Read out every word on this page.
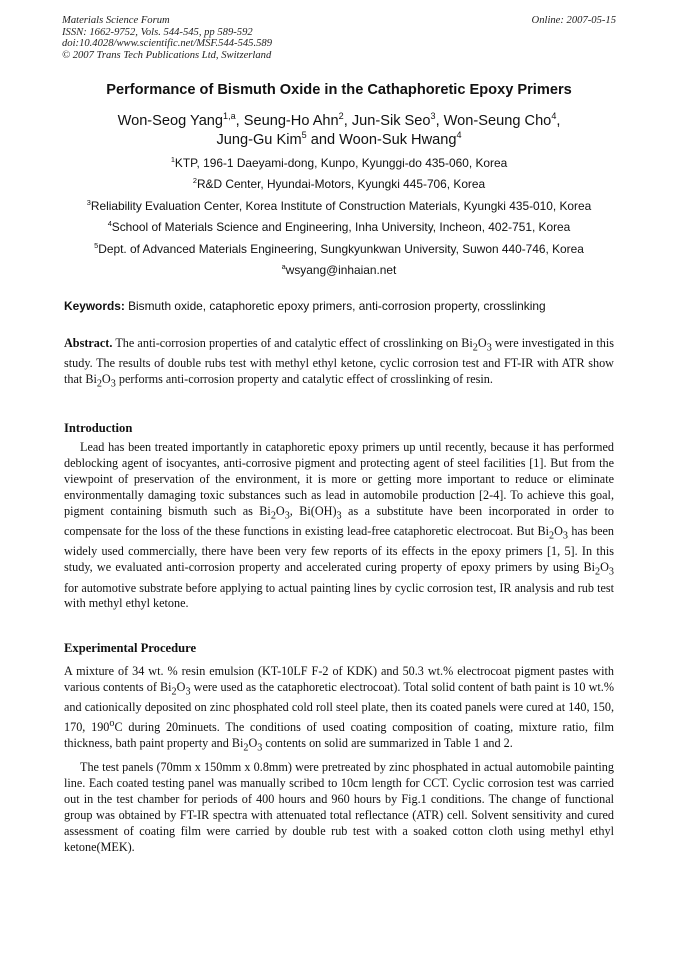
Materials Science Forum
ISSN: 1662-9752, Vols. 544-545, pp 589-592
doi:10.4028/www.scientific.net/MSF.544-545.589
© 2007 Trans Tech Publications Ltd, Switzerland
Online: 2007-05-15
Performance of Bismuth Oxide in the Cathaphoretic Epoxy Primers
Won-Seog Yang$^{1,a}$, Seung-Ho Ahn$^2$, Jun-Sik Seo$^3$, Won-Seung Cho$^4$,
Jung-Gu Kim$^5$ and Woon-Suk Hwang$^4$
$^1$KTP, 196-1 Daeyami-dong, Kunpo, Kyunggi-do 435-060, Korea
$^2$R&D Center, Hyundai-Motors, Kyungki 445-706, Korea
$^3$Reliability Evaluation Center, Korea Institute of Construction Materials, Kyungki 435-010, Korea
$^4$School of Materials Science and Engineering, Inha University, Incheon, 402-751, Korea
$^5$Dept. of Advanced Materials Engineering, Sungkyunkwan University, Suwon 440-746, Korea
$^a$wsyang@inhaian.net
Keywords: Bismuth oxide, cataphoretic epoxy primers, anti-corrosion property, crosslinking
Abstract. The anti-corrosion properties of and catalytic effect of crosslinking on $Bi_2O_3$ were investigated in this study. The results of double rubs test with methyl ethyl ketone, cyclic corrosion test and FT-IR with ATR show that $Bi_2O_3$ performs anti-corrosion property and catalytic effect of crosslinking of resin.
Introduction
Lead has been treated importantly in cataphoretic epoxy primers up until recently, because it has performed deblocking agent of isocyantes, anti-corrosive pigment and protecting agent of steel facilities [1]. But from the viewpoint of preservation of the environment, it is more or getting more important to reduce or eliminate environmentally damaging toxic substances such as lead in automobile production [2-4]. To achieve this goal, pigment containing bismuth such as $Bi_2O_3$, $Bi(OH)_3$ as a substitute have been incorporated in order to compensate for the loss of the these functions in existing lead-free cataphoretic electrocoat. But $Bi_2O_3$ has been widely used commercially, there have been very few reports of its effects in the epoxy primers [1, 5]. In this study, we evaluated anti-corrosion property and accelerated curing property of epoxy primers by using $Bi_2O_3$ for automotive substrate before applying to actual painting lines by cyclic corrosion test, IR analysis and rub test with methyl ethyl ketone.
Experimental Procedure
A mixture of 34 wt. % resin emulsion (KT-10LF F-2 of KDK) and 50.3 wt.% electrocoat pigment pastes with various contents of $Bi_2O_3$ were used as the cataphoretic electrocoat). Total solid content of bath paint is 10 wt.% and cationically deposited on zinc phosphated cold roll steel plate, then its coated panels were cured at 140, 150, 170, 190$^o$C during 20minuets. The conditions of used coating composition of coating, mixture ratio, film thickness, bath paint property and $Bi_2O_3$ contents on solid are summarized in Table 1 and 2.
The test panels (70mm x 150mm x 0.8mm) were pretreated by zinc phosphated in actual automobile painting line. Each coated testing panel was manually scribed to 10cm length for CCT. Cyclic corrosion test was carried out in the test chamber for periods of 400 hours and 960 hours by Fig.1 conditions. The change of functional group was obtained by FT-IR spectra with attenuated total reflectance (ATR) cell. Solvent sensitivity and cured assessment of coating film were carried by double rub test with a soaked cotton cloth using methyl ethyl ketone(MEK).
